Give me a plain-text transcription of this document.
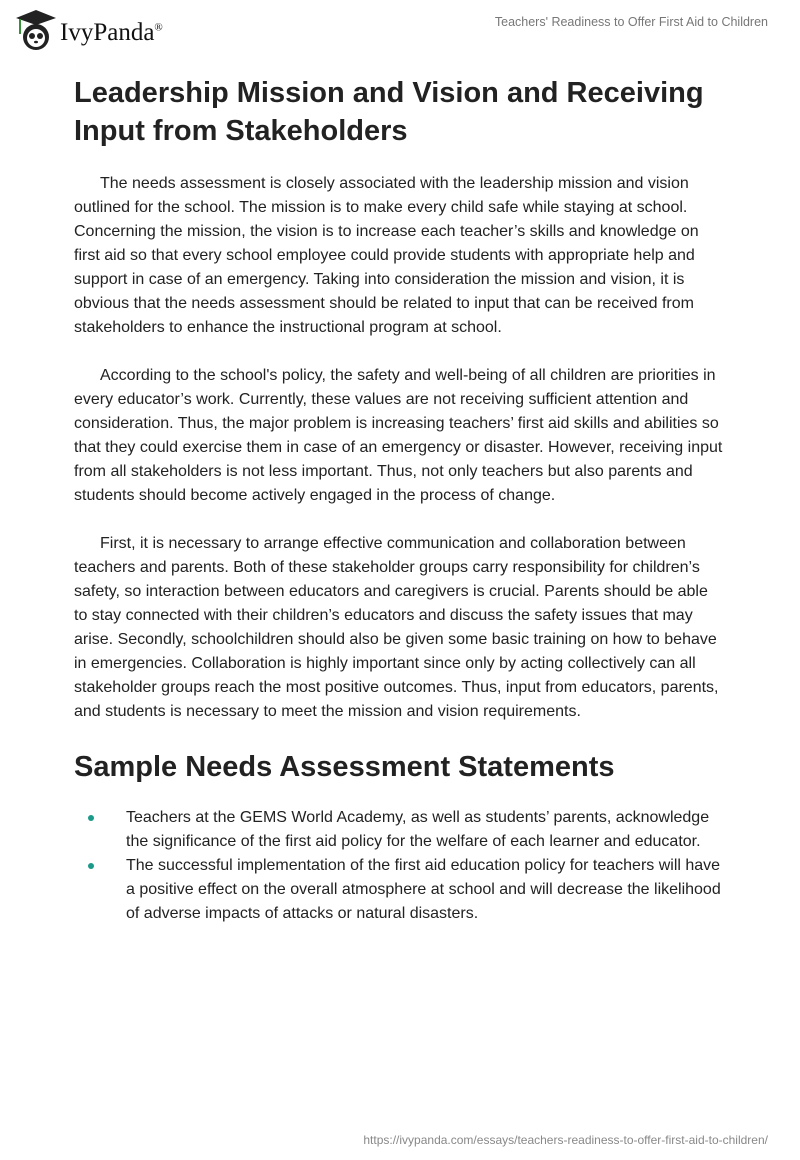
IvyPanda®	Teachers' Readiness to Offer First Aid to Children
Leadership Mission and Vision and Receiving Input from Stakeholders

The needs assessment is closely associated with the leadership mission and vision outlined for the school. The mission is to make every child safe while staying at school. Concerning the mission, the vision is to increase each teacher’s skills and knowledge on first aid so that every school employee could provide students with appropriate help and support in case of an emergency. Taking into consideration the mission and vision, it is obvious that the needs assessment should be related to input that can be received from stakeholders to enhance the instructional program at school.

According to the school's policy, the safety and well-being of all children are priorities in every educator’s work. Currently, these values are not receiving sufficient attention and consideration. Thus, the major problem is increasing teachers’ first aid skills and abilities so that they could exercise them in case of an emergency or disaster. However, receiving input from all stakeholders is not less important. Thus, not only teachers but also parents and students should become actively engaged in the process of change.

First, it is necessary to arrange effective communication and collaboration between teachers and parents. Both of these stakeholder groups carry responsibility for children’s safety, so interaction between educators and caregivers is crucial. Parents should be able to stay connected with their children’s educators and discuss the safety issues that may arise. Secondly, schoolchildren should also be given some basic training on how to behave in emergencies. Collaboration is highly important since only by acting collectively can all stakeholder groups reach the most positive outcomes. Thus, input from educators, parents, and students is necessary to meet the mission and vision requirements.

Sample Needs Assessment Statements
Teachers at the GEMS World Academy, as well as students’ parents, acknowledge the significance of the first aid policy for the welfare of each learner and educator.
The successful implementation of the first aid education policy for teachers will have a positive effect on the overall atmosphere at school and will decrease the likelihood of adverse impacts of attacks or natural disasters.
https://ivypanda.com/essays/teachers-readiness-to-offer-first-aid-to-children/
